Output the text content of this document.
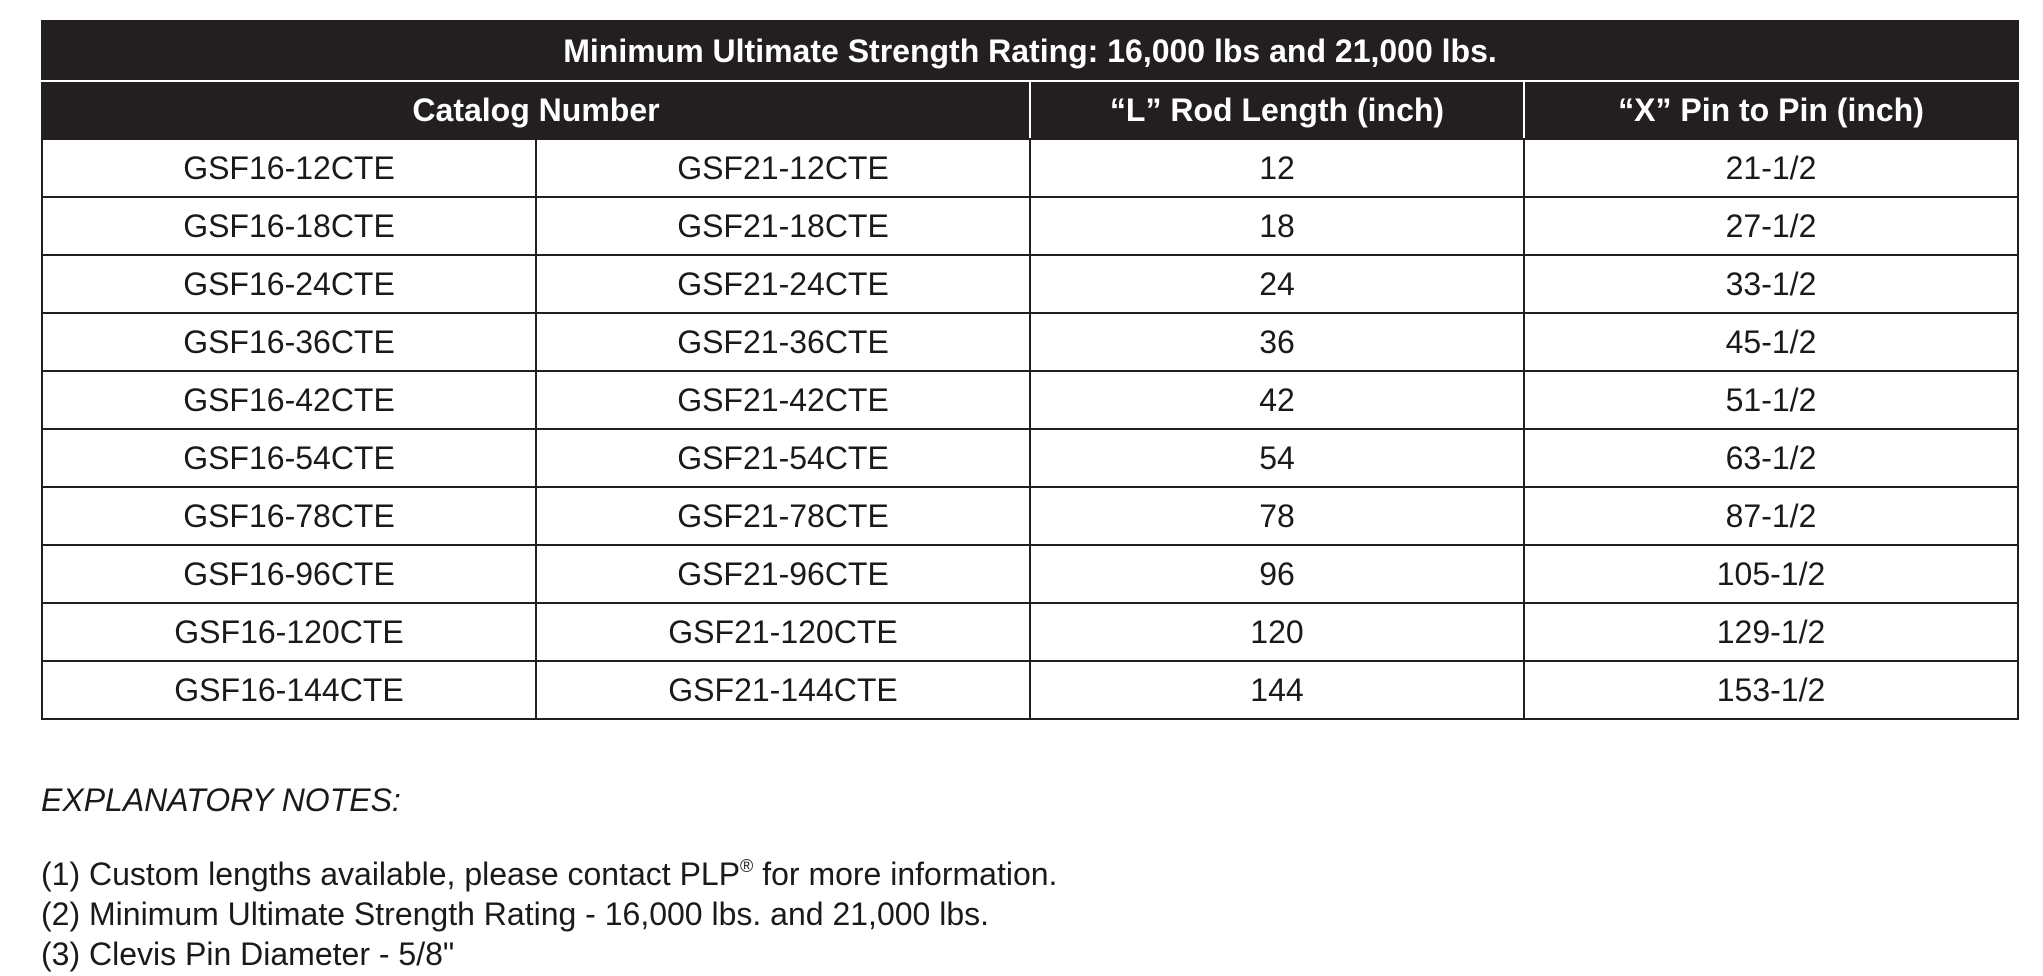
Minimum Ultimate Strength Rating: 16,000 lbs and 21,000 lbs.			
Catalog Number		“L” Rod Length (inch)	“X” Pin to Pin (inch)
GSF16-12CTE	GSF21-12CTE	12	21-1/2
GSF16-18CTE	GSF21-18CTE	18	27-1/2
GSF16-24CTE	GSF21-24CTE	24	33-1/2
GSF16-36CTE	GSF21-36CTE	36	45-1/2
GSF16-42CTE	GSF21-42CTE	42	51-1/2
GSF16-54CTE	GSF21-54CTE	54	63-1/2
GSF16-78CTE	GSF21-78CTE	78	87-1/2
GSF16-96CTE	GSF21-96CTE	96	105-1/2
GSF16-120CTE	GSF21-120CTE	120	129-1/2
GSF16-144CTE	GSF21-144CTE	144	153-1/2

EXPLANATORY NOTES:

(1) Custom lengths available, please contact PLP® for more information.

(2) Minimum Ultimate Strength Rating - 16,000 lbs. and 21,000 lbs.

(3) Clevis Pin Diameter - 5/8"
